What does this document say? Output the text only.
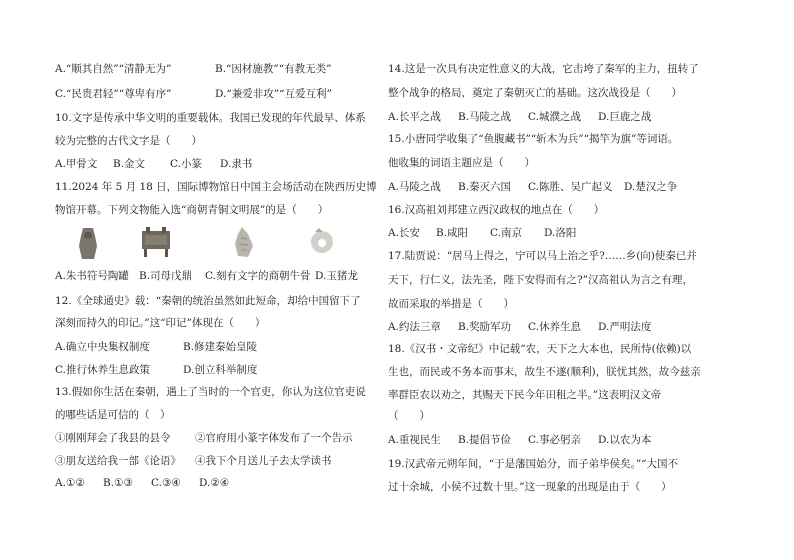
A.“顺其自然”“清静无为”	B.“因材施教”“有教无类”
C.“民贵君轻”“尊卑有序”	D.“兼爱非攻”“互爱互利”
10.文字是传承中华文明的重要载体。我国已发现的年代最早、体系
较为完整的古代文字是（　　）
A.甲骨文 B.金文 C.小篆 D.隶书
11.2024 年 5 月 18 日，国际博物馆日中国主会场活动在陕西历史博
物馆开幕。下列文物能入选“商朝青铜文明展”的是（　　）
A.朱书符号陶罐 B.司母戊鼎 C.刻有文字的商朝牛骨 D.玉猪龙
12.《全球通史》载：“秦朝的统治虽然如此短命，却给中国留下了
深刻而持久的印记。”这“印记”体现在（　　）
A.确立中央集权制度	B.修建秦始皇陵
C.推行休养生息政策	D.创立科举制度
13.假如你生活在秦朝，遇上了当时的一个官吏，你认为这位官吏说
的哪些话是可信的（　）
①刚刚拜会了我县的县令 ②官府用小篆字体发布了一个告示
③朋友送给我一部《论语》 ④我下个月送儿子去太学读书
A.①② B.①③ C.③④ D.②④
14.这是一次具有决定性意义的大战，它击垮了秦军的主力，扭转了
整个战争的格局，奠定了秦朝灭亡的基础。这次战役是（　　）
A.长平之战 B.马陵之战 C.城濮之战 D.巨鹿之战
15.小唐同学收集了“鱼腹藏书”“斩木为兵”“揭竿为旗”等词语。
他收集的词语主题应是（　　）
A.马陵之战 B.秦灭六国 C.陈胜、吴广起义 D.楚汉之争
16.汉高祖刘邦建立西汉政权的地点在（　　）
A.长安 B.咸阳 C.南京 D.洛阳
17.陆贾说：“居马上得之，宁可以马上治之乎?……乡(向)使秦已并
天下，行仁义，法先圣，陛下安得而有之?”汉高祖认为言之有理，
故而采取的举措是（　　）
A.约法三章 B.奖励军功 C.休养生息 D.严明法度
18.《汉书・文帝纪》中记载“农，天下之大本也，民所恃(依赖)以
生也，而民或不务本而事末，故生不遂(顺利)，朕忧其然，故今兹亲
率群臣农以劝之，其赐天下民今年田租之半。”这表明汉文帝
（　　）
A.重视民生 B.提倡节俭 C.事必躬亲 D.以农为本
19.汉武帝元朔年间，“于是藩国始分，而子弟毕侯矣。”“大国不
过十余城，小侯不过数十里。”这一现象的出现是由于（　　）
